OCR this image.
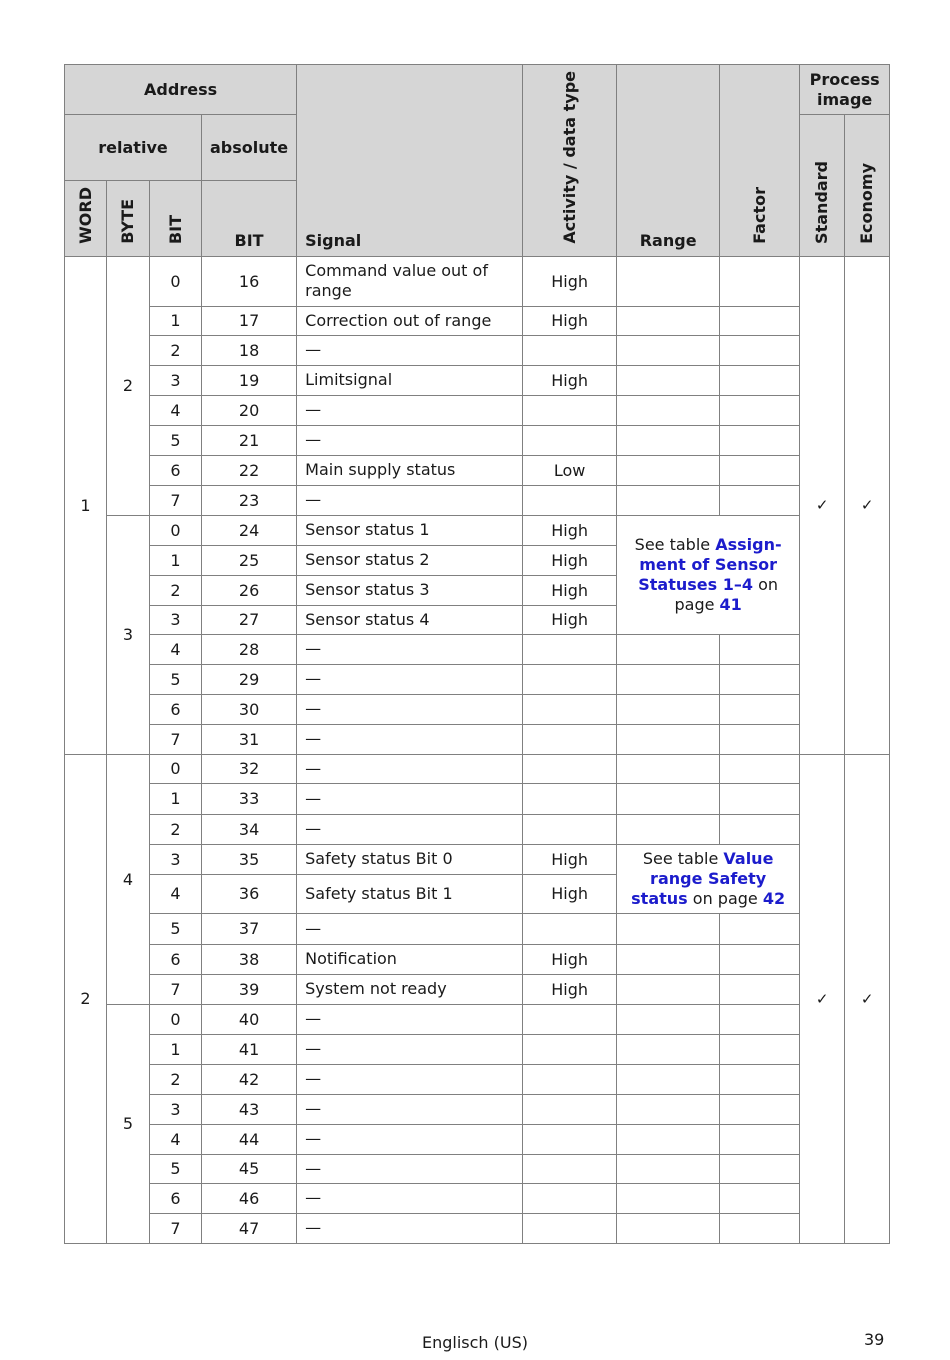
Address				Signal	Activity / data type	Range	Factor	Process image	
relative			absolute					Standard	Economy
WORD	BYTE	BIT	BIT						
1	2	0	16	Command value out of range	High			✓	✓
		1	17	Correction out of range	High				
		2	18	—					
		3	19	Limitsignal	High				
		4	20	—					
		5	21	—					
		6	22	Main supply status	Low				
		7	23	—					
	3	0	24	Sensor status 1	High	See table Assignment of Sensor Statuses 1–4 on page 41			
		1	25	Sensor status 2	High				
		2	26	Sensor status 3	High				
		3	27	Sensor status 4	High				
		4	28	—					
		5	29	—					
		6	30	—					
		7	31	—					
2	4	0	32	—				✓	✓
		1	33	—					
		2	34	—					
		3	35	Safety status Bit 0	High	See table Value range Safety status on page 42			
		4	36	Safety status Bit 1	High				
		5	37	—					
		6	38	Notification	High				
		7	39	System not ready	High				
	5	0	40	—					
		1	41	—					
		2	42	—					
		3	43	—					
		4	44	—					
		5	45	—					
		6	46	—					
		7	47	—					
Englisch (US)	39
